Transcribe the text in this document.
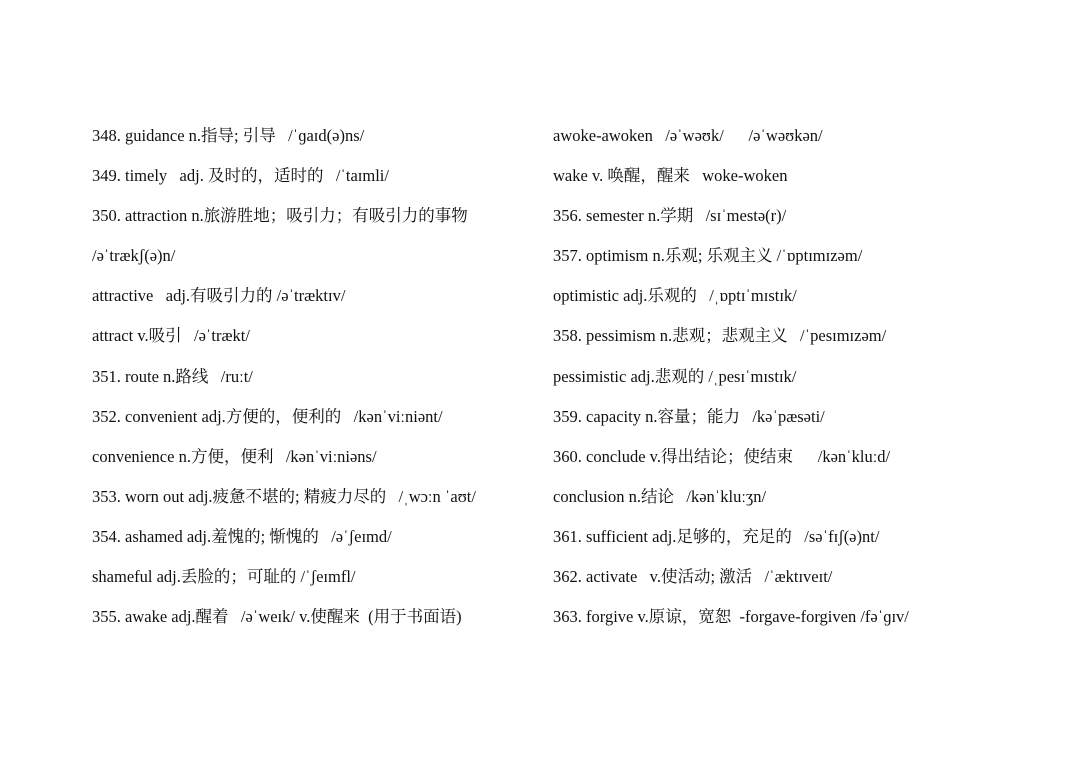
348. guidance n.指导; 引导   /ˈɡaɪd(ə)ns/
349. timely   adj. 及时的，适时的   /ˈtaɪmli/
350. attraction n.旅游胜地；吸引力；有吸引力的事物
/əˈtrækʃ(ə)n/
attractive   adj.有吸引力的 /əˈtræktɪv/
attract v.吸引   /əˈtrækt/
351. route n.路线   /ruːt/
352. convenient adj.方便的，便利的   /kənˈviːniənt/
convenience n.方便，便利   /kənˈviːniəns/
353. worn out adj.疲惫不堪的; 精疲力尽的   /ˌwɔːn ˈaʊt/
354. ashamed adj.羞愧的; 惭愧的   /əˈʃeɪmd/
shameful adj.丢脸的；可耻的 /ˈʃeɪmfl/
355. awake adj.醒着   /əˈweɪk/ v.使醒来  (用于书面语)
awoke-awoken   /əˈwəʊk/      /əˈwəʊkən/
wake v. 唤醒，醒来   woke-woken
356. semester n.学期   /sɪˈmestə(r)/
357. optimism n.乐观; 乐观主义 /ˈɒptɪmɪzəm/
optimistic adj.乐观的   /ˌɒptɪˈmɪstɪk/
358. pessimism n.悲观；悲观主义   /ˈpesɪmɪzəm/
pessimistic adj.悲观的 /ˌpesɪˈmɪstɪk/
359. capacity n.容量；能力   /kəˈpæsəti/
360. conclude v.得出结论；使结束      /kənˈkluːd/
conclusion n.结论   /kənˈkluːʒn/
361. sufficient adj.足够的，充足的   /səˈfɪʃ(ə)nt/
362. activate   v.使活动; 激活   /ˈæktɪveɪt/
363. forgive v.原谅，宽恕  -forgave-forgiven /fəˈɡɪv/
